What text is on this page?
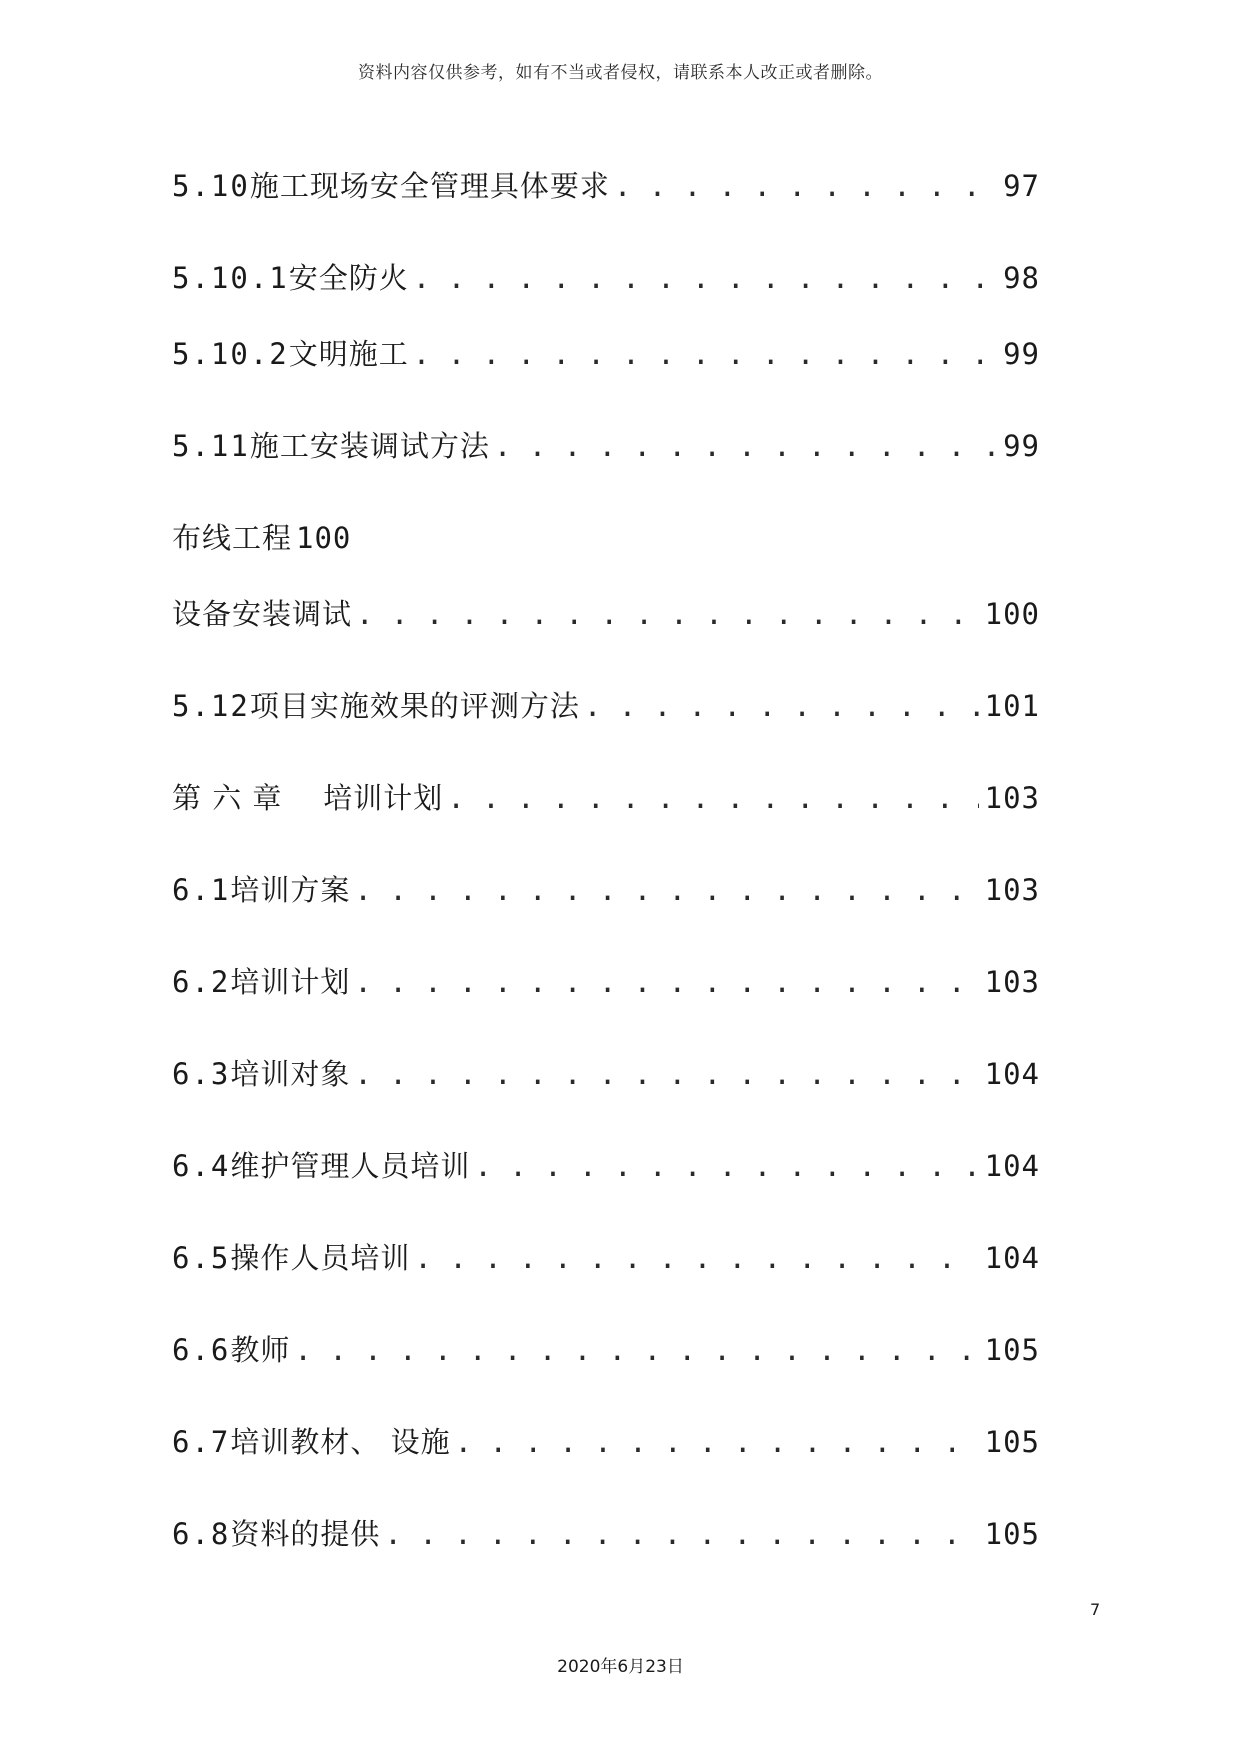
资料内容仅供参考，如有不当或者侵权，请联系本人改正或者删除。
5.10 施工现场安全管理具体要求 . . .	97
5.10.1 安全防火 . . .	98
5.10.2 文明施工 . . .	99
5.11 施工安装调试方法 . . .	99
布线工程 100
设备安装调试 . . .	100
5.12 项目实施效果的评测方法 . . .	101
第 六 章    培训计划 . . .	103
6.1 培训方案 . . .	103
6.2 培训计划 . . .	103
6.3 培训对象 . . .	104
6.4 维护管理人员培训 . . .	104
6.5 操作人员培训 . . .	104
6.6 教师 . . .	105
6.7 培训教材、 设施 . . .	105
6.8 资料的提供 . . .	105
7
2020年6月23日
